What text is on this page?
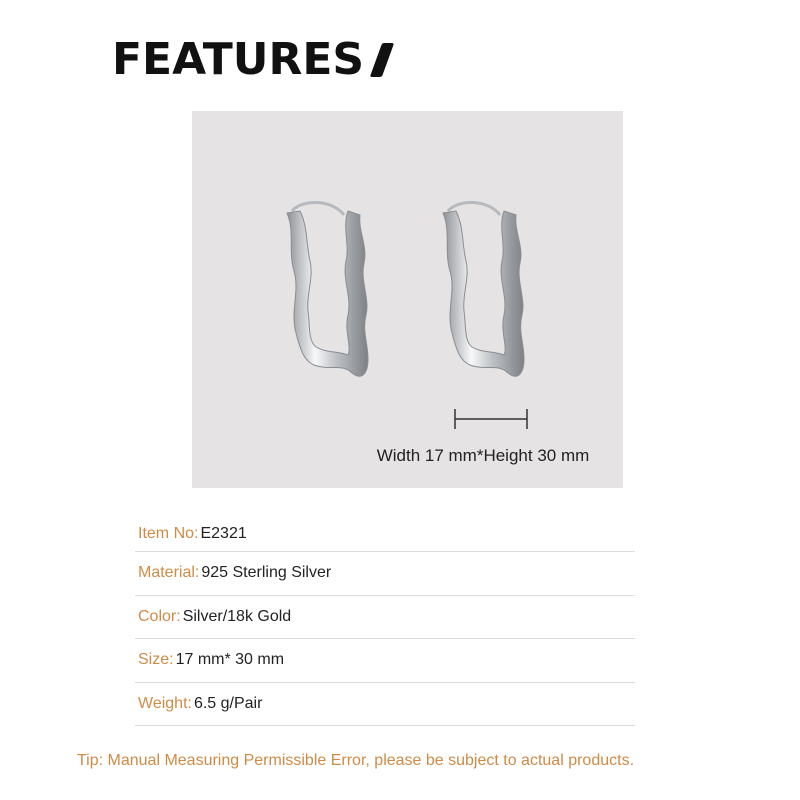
FEATURES
Width 17 mm*Height 30 mm
Item No: E2321
Material: 925 Sterling Silver
Color: Silver/18k Gold
Size: 17 mm* 30 mm
Weight: 6.5 g/Pair
Tip: Manual Measuring Permissible Error, please be subject to actual products.
